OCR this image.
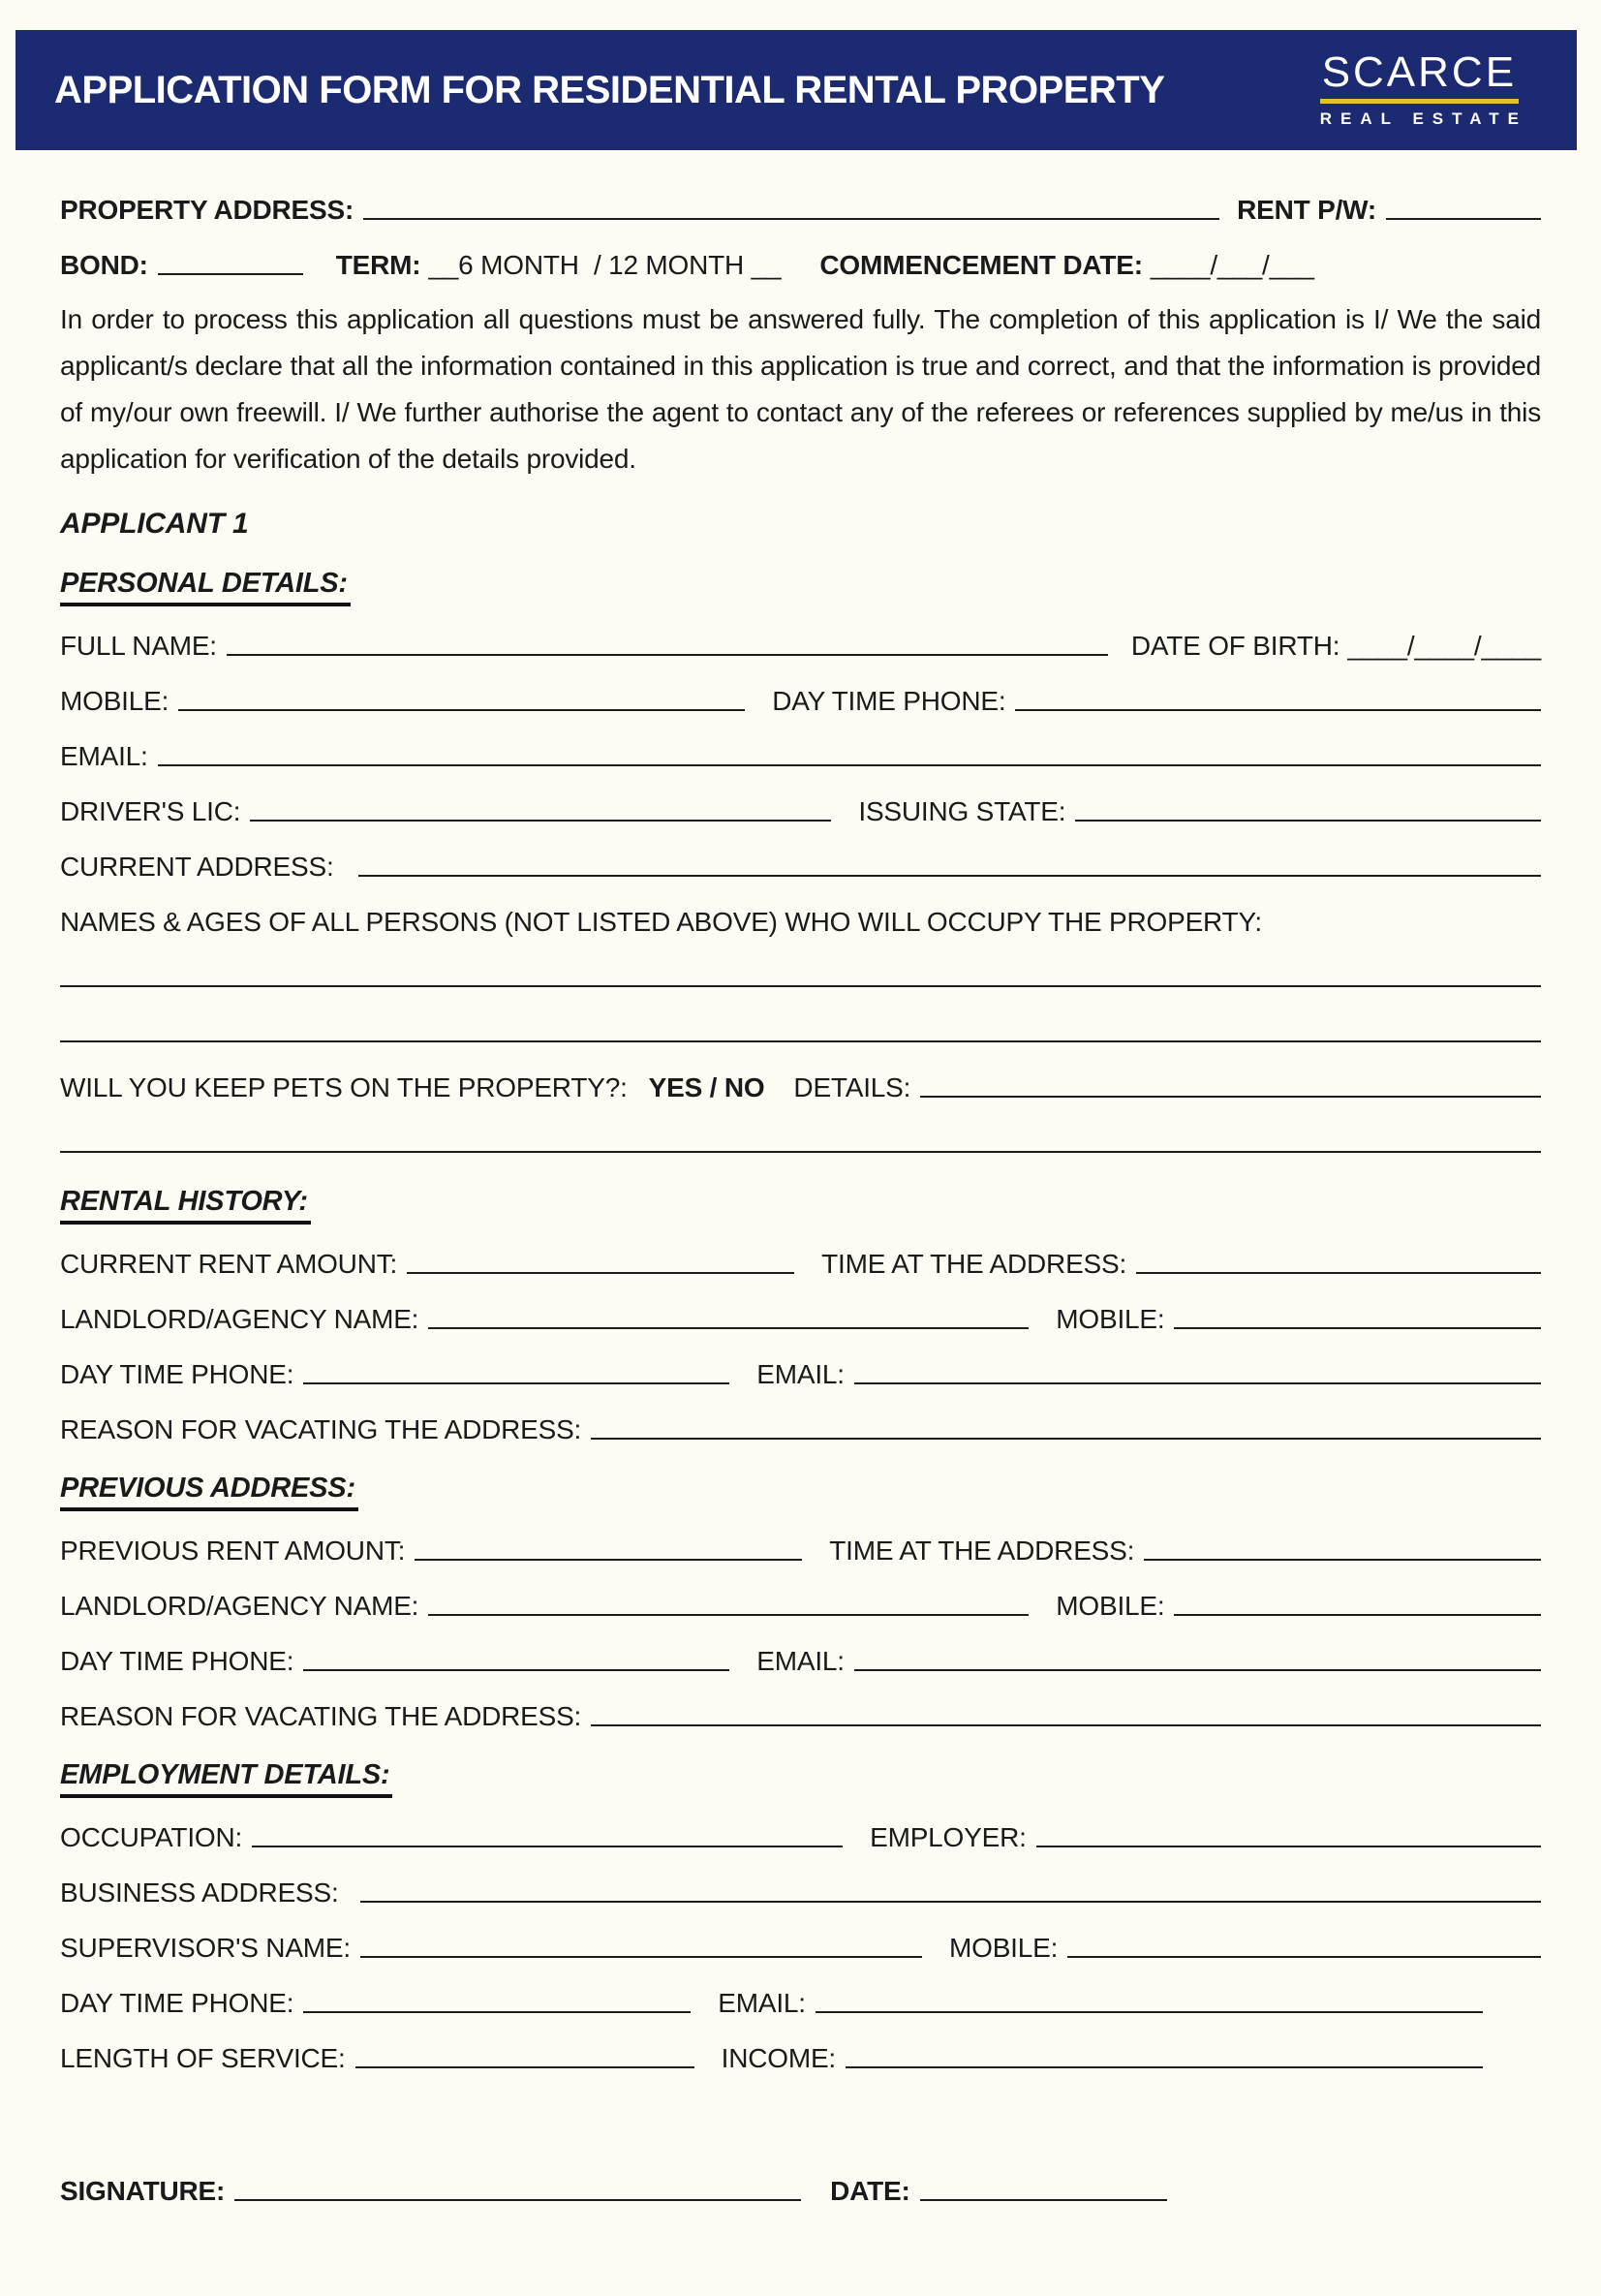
APPLICATION FORM FOR RESIDENTIAL RENTAL PROPERTY	SCARCE
REAL ESTATE
PROPERTY ADDRESS:	RENT P/W:
BOND:	TERM: __6 MONTH  / 12 MONTH __ COMMENCEMENT DATE: ____/___/___

In order to process this application all questions must be answered fully. The completion of this application is I/ We the said applicant/s declare that all the information contained in this application is true and correct, and that the information is provided of my/our own freewill. I/ We further authorise the agent to contact any of the referees or references supplied by me/us in this application for verification of the details provided.

APPLICANT 1
PERSONAL DETAILS:
FULL NAME:	DATE OF BIRTH: ____/____/____
MOBILE:	DAY TIME PHONE:
EMAIL:
DRIVER'S LIC:	ISSUING STATE:
CURRENT ADDRESS:
NAMES & AGES OF ALL PERSONS (NOT LISTED ABOVE) WHO WILL OCCUPY THE PROPERTY:
WILL YOU KEEP PETS ON THE PROPERTY?: YES / NO DETAILS:
RENTAL HISTORY:
CURRENT RENT AMOUNT:	TIME AT THE ADDRESS:
LANDLORD/AGENCY NAME:	MOBILE:
DAY TIME PHONE:	EMAIL:
REASON FOR VACATING THE ADDRESS:
PREVIOUS ADDRESS:
PREVIOUS RENT AMOUNT:	TIME AT THE ADDRESS:
LANDLORD/AGENCY NAME:	MOBILE:
DAY TIME PHONE:	EMAIL:
REASON FOR VACATING THE ADDRESS:
EMPLOYMENT DETAILS:
OCCUPATION:	EMPLOYER:
BUSINESS ADDRESS:
SUPERVISOR'S NAME:	MOBILE:
DAY TIME PHONE:	EMAIL:
LENGTH OF SERVICE:	INCOME:
SIGNATURE:	DATE:
